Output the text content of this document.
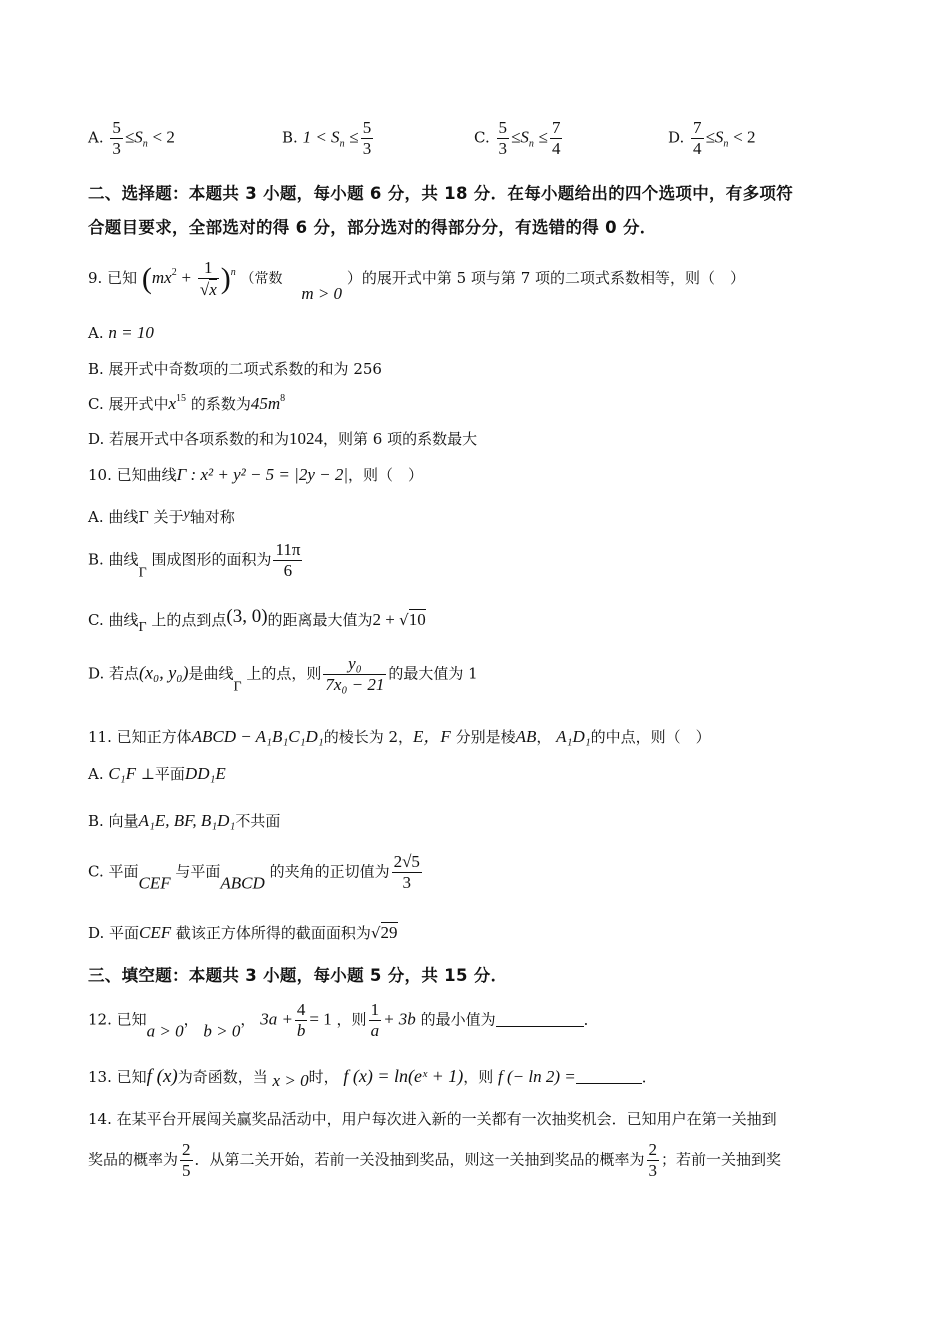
A. $\frac{5}{3} \le S_n < 2$	B. $1 < S_n \le \frac{5}{3}$	C. $\frac{5}{3} \le S_n \le \frac{7}{4}$	D. $\frac{7}{4} \le S_n < 2$
二、选择题：本题共 3 小题，每小题 6 分，共 18 分．在每小题给出的四个选项中，有多项符
合题目要求，全部选对的得 6 分，部分选对的得部分分，有选错的得 0 分．
9. 已知 $(mx^2 + \frac{1}{√x} )^n$ （常数 m > 0 ）的展开式中第 5 项与第 7 项的二项式系数相等，则（　）
A. n = 10
B. 展开式中奇数项的二项式系数的和为 256
C. 展开式中$x^{15}$ 的系数为$45m^8$
D. 若展开式中各项系数的和为1024，则第 6 项的系数最大
10. 已知曲线Γ : x² + y² − 5 = |2y − 2|，则（　）
A. 曲线Γ 关于y轴对称
B. 曲线Γ 围成图形的面积为 $\frac{11\pi}{6}$
C. 曲线Γ 上的点到点(3, 0)的距离最大值为2 + √10
D. 若点(x₀, y₀)是曲线Γ 上的点，则 $\frac{\text{y₀}}{\text{7x₀ − 21}}$ 的最大值为 1
11. 已知正方体ABCD − A₁B₁C₁D₁的棱长为 2，E，F 分别是棱AB， A₁D₁的中点，则（　）
A. C₁F ⊥平面DD₁E
B. 向量A₁E, BF, B₁D₁不共面
C. 平面CEF 与平面ABCD 的夹角的正切值为 $\frac{2√5}{3}$
D. 平面CEF 截该正方体所得的截面面积为√29
三、填空题：本题共 3 小题，每小题 5 分，共 15 分．
12. 已知a > 0， b > 0， $3a + \frac{4}{b} = 1$ ，则 $\frac{1}{a} + 3b$ 的最小值为	．
13. 已知f (x)为奇函数，当 x > 0时， f (x) = ln(eˣ + 1)，则 f (− ln 2) =	．
14. 在某平台开展闯关赢奖品活动中，用户每次进入新的一关都有一次抽奖机会．已知用户在第一关抽到
奖品的概率为 $\frac{2}{5}$ ．从第二关开始，若前一关没抽到奖品，则这一关抽到奖品的概率为 $\frac{2}{3}$ ；若前一关抽到奖
